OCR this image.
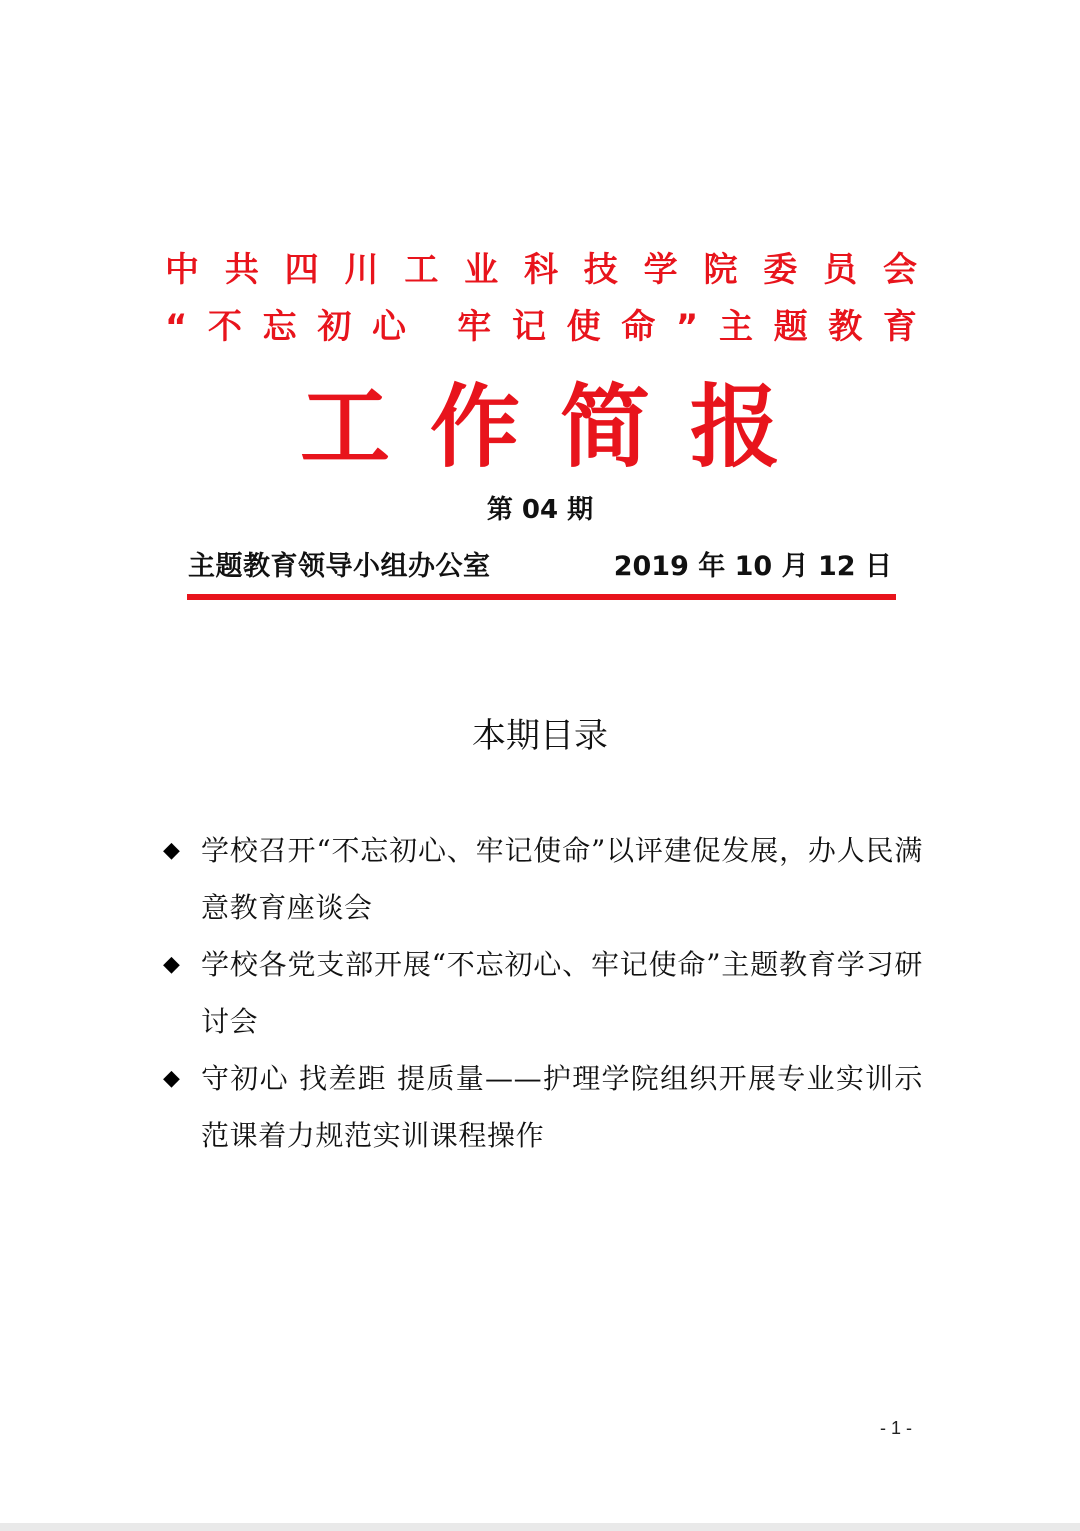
中 共 四 川 工 业 科 技 学 院 委 员 会
“ 不 忘 初 心 牢 记 使 命 ” 主 题 教 育
工 作 简 报
第 04 期
主题教育领导小组办公室	2019 年 10 月 12 日
本期目录
◆ 学校召开“不忘初心、牢记使命”以评建促发展，办人民满意教育座谈会
◆ 学校各党支部开展“不忘初心、牢记使命”主题教育学习研讨会
◆ 守初心 找差距 提质量——护理学院组织开展专业实训示范课着力规范实训课程操作
- 1 -
